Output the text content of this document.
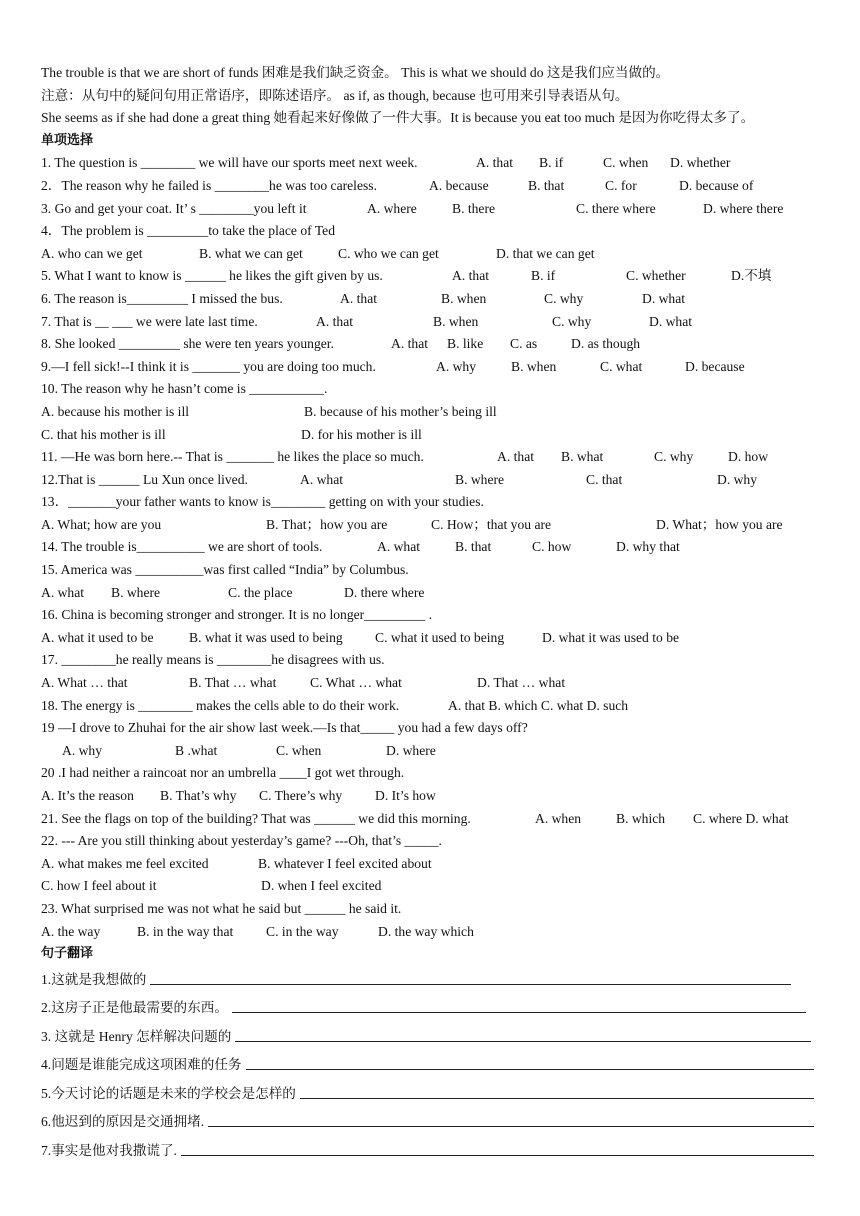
The trouble is that we are short of funds 困难是我们缺乏资金。 This is what we should do 这是我们应当做的。
注意：从句中的疑问句用正常语序，即陈述语序。 as if, as though, because 也可用来引导表语从句。
She seems as if she had done a great thing 她看起来好像做了一件大事。It is because you eat too much 是因为你吃得太多了。
单项选择
1. The question is ________ we will have our sports meet next week.	A. that B. if	C. when D. whether
2．The reason why he failed is ________he was too careless.	A. because	B. that	C. for	D. because of
3. Go and get your coat. It’ s ________you left it	A. where	B. there	C. there where	D. where there
4．The problem is _________to take the place of Ted
A. who can we get	B. what we can get	C. who we can get	D. that we can get
5. What I want to know is ______ he likes the gift given by us.	A. that	B. if	C. whether	D.不填
6. The reason is_________ I missed the bus.	A. that	B. when	C. why	D. what
7. That is __ ___ we were late last time.	A. that	B. when	C. why	D. what
8. She looked _________ she were ten years younger.	A. that B. like C. as D. as though
9.—I fell sick!--I think it is _______ you are doing too much.	A. why	B. when	C. what	D. because
10. The reason why he hasn’t come is ___________.
A. because his mother is ill	B. because of his mother’s being ill
C. that his mother is ill	D. for his mother is ill
11. —He was born here.-- That is _______ he likes the place so much.	A. that B. what	C. why	D. how
12.That is ______ Lu Xun once lived.	A. what	B. where	C. that	D. why
13．_______your father wants to know is________ getting on with your studies.
A. What; how are you	B. That；how you are	C. How；that you are	D. What；how you are
14. The trouble is__________ we are short of tools.	A. what	B. that	C. how	D. why that
15. America was __________was first called “India” by Columbus.
A. what B. where	C. the place	D. there where
16. China is becoming stronger and stronger. It is no longer_________ .
A. what it used to be	B. what it was used to being C. what it used to being	D. what it was used to be
17. ________he really means is ________he disagrees with us.
A. What … that	B. That … what C. What … what	D. That … what
18. The energy is ________ makes the cells able to do their work.	A. that B. which C. what D. such
19 —I drove to Zhuhai for the air show last week.—Is that_____ you had a few days off?
A. why	B .what	C. when	D. where
20 .I had neither a raincoat nor an umbrella ____I got wet through.
A. It’s the reason B. That’s why C. There’s why D. It’s how
21. See the flags on top of the building? That was ______ we did this morning.	A. when	B. which C. where D. what
22. --- Are you still thinking about yesterday’s game? ---Oh, that’s _____.
A. what makes me feel excited	B. whatever I feel excited about
C. how I feel about it	D. when I feel excited
23. What surprised me was not what he said but ______ he said it.
A. the way	B. in the way that C. in the way	D. the way which
句子翻译
1.这就是我想做的
2.这房子正是他最需要的东西。
3. 这就是 Henry 怎样解决问题的
4.问题是谁能完成这项困难的任务
5.今天讨论的话题是未来的学校会是怎样的
6.他迟到的原因是交通拥堵.
7.事实是他对我撒谎了.
